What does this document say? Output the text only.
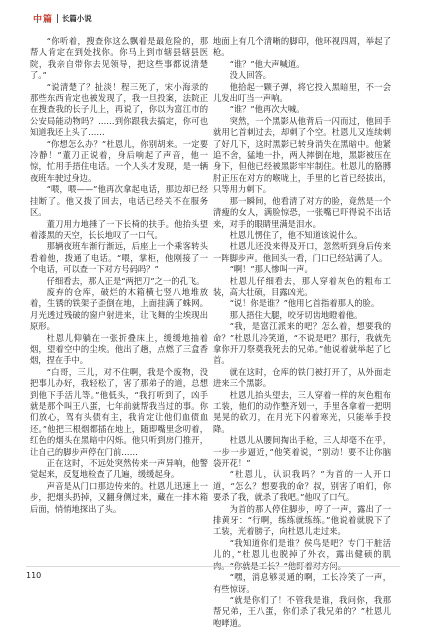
中篇 长篇小说

“你听着，搜查你这么飘着是最危险的，那帮人肯定在到处找你。你马上到市辖县辖县医院，我亲自带你去见领导，把这些事都说清楚了。”

“说清楚了？扯淡！程三死了，宋小海录的那些东西肯定也被发现了，我一旦投案，法院正在搜查我的长子儿上，再说了，你以为富江市的公安局能动物吗？……到你跟我去搞定，你可也知道我还上头了……

“你想怎么办？”杜恩儿，你别胡来。一定要冷静！”董刀正说着，身后响起了声音，他一惊，忙用手捂住电话。一个人头才发现，是一辆夜班车驶过身边。

“喂，喂——”他再次拿起电话，那边却已经挂断了。他又拨了回去，电话已经关不在服务区。

董刀用力地捶了一下长椅的扶手。他抬头望着漆黑的天空，长长地叹了一口气。

那辆夜班车渐行渐远，后座上一个乘客转头看着他，拨通了电话。“喂，掌柜，他刚接了一个电话，可以查一下对方号码吗？”

仔细看去，那人正是“两把刀”之一的孔飞。

废弃的仓库，破烂的木箱横七竖八地堆放着，生锈的铁架子歪倒在地，上面挂满了蛛网。月光透过残破的窗户射进来，让飞舞的尘埃现出原形。

杜恩儿仰躺在一张折叠床上，缓缓地抽着烟，望着空中的尘埃。他出了趟，点燃了三盒香烟，捏在手中。

“白哥，三儿，对不住啊，我是个废物，没把事儿办好，我轻松了，害了那弟子的道，总想到他下手活儿等。”他低头，“我打听到了，凶手就是那个叫王八蛋，七年前就帮我当过的事。你们放心，驾有头债有主，我肯定让他们血债血还。”他把三根烟都插在地上，随即嘴里念叨着，红色的烟头在黑暗中闪烁。他只听到房门推开，让自己的脚步声停在门前……

正在这时，不远处突然传来一声异响，他警觉起来，反复地检查了几遍，缓缓起身。

声音是从门口那边传来的。杜恩儿迅速上一步，把烟头扔掉，又翻身侧过来，藏在一排木箱后面，悄悄地探出了头。

地面上有几个清晰的脚印，他环视四周，举起了枪。

“谁？”他大声喊道。

没人回答。

他拾起一颗子弹，将它投入黑暗里，不一会儿发出叮当一声响。

“谁？”他再次大喊。

突然，一个黑影从他背后一闪而过，他回手就用匕首刺过去，却刺了个空。杜恩儿又连续刺了好几下，这时黑影已转身消失在黑暗中。他紧追不舍，猛地一扑，两人摔倒在地，黑影被压在身下，但他已经被黑影牢牢制住。杜恩儿的胳膊肘正压在对方的喉咙上，手里的匕首已经拔出，只等用力刺下。

那一瞬间，他看清了对方的脸，竟然是一个清瘦的女人，满脸惊恐，一张嘴已吓得说不出话来，对手的眼睛里满是泪水。

杜恩儿愣住了，他不知道该说什么。

杜恩儿还没来得及开口，忽然听到身后传来一阵脚步声。他回头一看，门口已经站满了人。

“啊！”那人惨叫一声。

杜恩儿仔细看去，那人穿着灰色的粗布工装，高大壮硕，目露凶光。

“说！你是谁？”他用匕首指着那人的脸。

那人捂住大腿，咬牙切齿地瞪着他。

“我，是富江派来的吧？怎么着，想要我的命？”杜恩儿冷笑道，“不说是吧？那行，我就先拿你开刀祭奠我死去的兄弟。”他说着就举起了匕首。

就在这时，仓库的铁门被打开了，从外面走进来三个黑影。

杜恩儿抬头望去，三人穿着一样的灰色粗布工装，他们的动作整齐划一，手里各拿着一把明晃晃的砍刀，在月光下闪着寒光，只能举手投降。

杜恩儿从腰间掏出手枪，三人却毫不在乎，一步一步逼近，”他笑着说，“别动！要不让你脑袋开花！”

“杜恩儿，认识我吗？”为首的一人开口道，“怎么？想要我的命？叔，别害了咱们，你要杀了我，就杀了我吧。”他叹了口气。

为首的那人停住脚步，哼了一声，露出了一排黄牙：“行啊，练练就练练。”他说着就脱下了工装，光着膀子，向杜恩儿走过来。

“我知道你们是谁？侯鸟是吧？专门干脏活儿的，”杜恩儿也脱掉了外衣，露出健硕的肌

“嘿，消息够灵通的啊，工长冷笑了一声，有些惊讶。

“就是你们了！不管我是谁，我问你，我那帮兄弟，王八蛋，你们杀了我兄弟的？”杜恩儿咆哮道。

110
